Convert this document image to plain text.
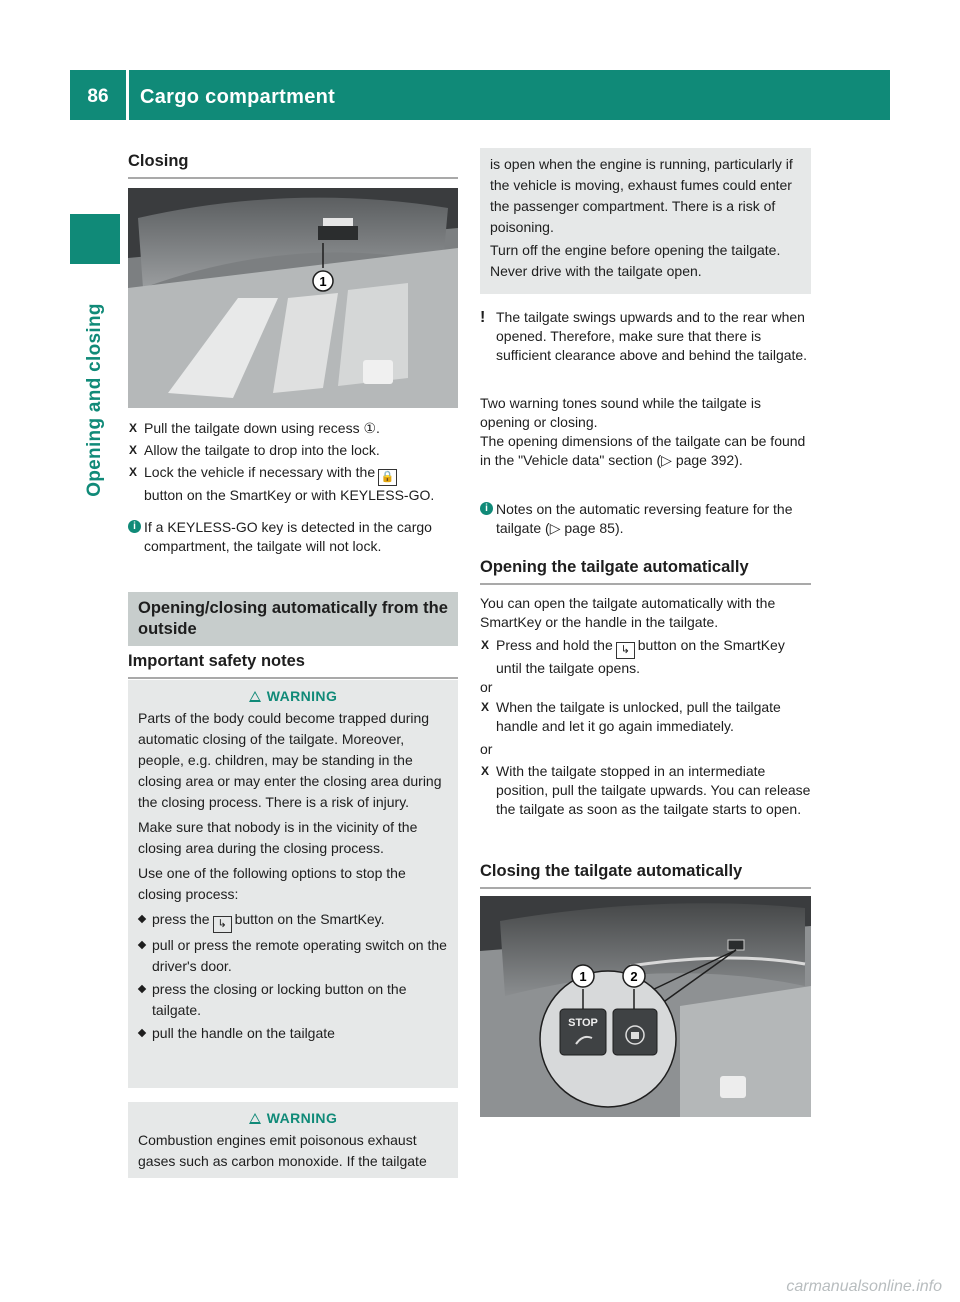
86	Cargo compartment
Opening and closing
Closing
1
X Pull the tailgate down using recess ①.
X Allow the tailgate to drop into the lock.
X Lock the vehicle if necessary with the 🔒
button on the SmartKey or with KEYLESS-GO.
i If a KEYLESS-GO key is detected in the cargo compartment, the tailgate will not lock.
Opening/closing automatically from the outside
Important safety notes
WARNING

Parts of the body could become trapped during automatic closing of the tailgate. Moreover, people, e.g. children, may be standing in the closing area or may enter the closing area during the closing process. There is a risk of injury.

Make sure that nobody is in the vicinity of the closing area during the closing process.

Use one of the following options to stop the closing process:

press the ↳ button on the SmartKey.
pull or press the remote operating switch on the driver's door.
press the closing or locking button on the tailgate.
pull the handle on the tailgate
WARNING

Combustion engines emit poisonous exhaust gases such as carbon monoxide. If the tailgate

is open when the engine is running, particularly if the vehicle is moving, exhaust fumes could enter the passenger compartment. There is a risk of poisoning.

Turn off the engine before opening the tailgate. Never drive with the tailgate open.

! The tailgate swings upwards and to the rear when opened. Therefore, make sure that there is sufficient clearance above and behind the tailgate.

Two warning tones sound while the tailgate is opening or closing.

The opening dimensions of the tailgate can be found in the "Vehicle data" section (▷ page 392).

i Notes on the automatic reversing feature for the tailgate (▷ page 85).
Opening the tailgate automatically

You can open the tailgate automatically with the SmartKey or the handle in the tailgate.

X Press and hold the ↳ button on the SmartKey until the tailgate opens.

or

X When the tailgate is unlocked, pull the tailgate handle and let it go again immediately.

or

X With the tailgate stopped in an intermediate position, pull the tailgate upwards. You can release the tailgate as soon as the tailgate starts to open.
Closing the tailgate automatically
1	2
STOP
carmanualsonline.info
